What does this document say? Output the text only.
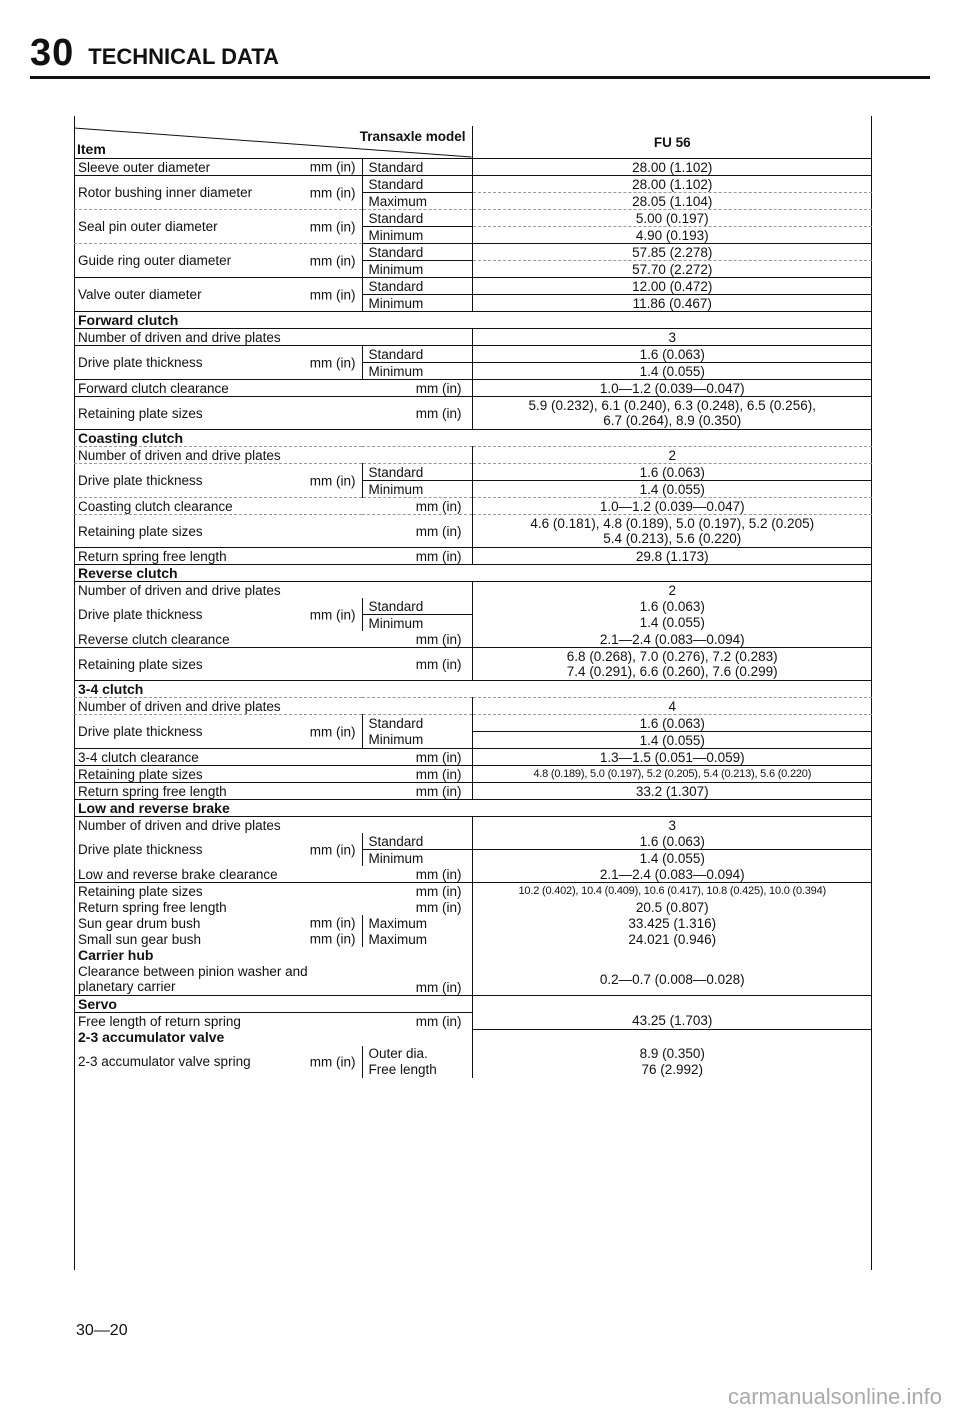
30 TECHNICAL DATA
Item
Transaxle model		FU 56
Sleeve outer diameter mm (in)	Standard	28.00 (1.102)
Rotor bushing inner diameter mm (in)	Standard	28.00 (1.102)
	Maximum	28.05 (1.104)
Seal pin outer diameter mm (in)	Standard	5.00 (0.197)
	Minimum	4.90 (0.193)
Guide ring outer diameter mm (in)	Standard	57.85 (2.278)
	Minimum	57.70 (2.272)
Valve outer diameter mm (in)	Standard	12.00 (0.472)
	Minimum	11.86 (0.467)
Forward clutch		
Number of driven and drive plates		3
Drive plate thickness mm (in)	Standard	1.6 (0.063)
	Minimum	1.4 (0.055)
Forward clutch clearance	mm (in)	1.0—1.2 (0.039—0.047)
Retaining plate sizes	mm (in)	5.9 (0.232), 6.1 (0.240), 6.3 (0.248), 6.5 (0.256),
6.7 (0.264), 8.9 (0.350)

Coasting clutch		
Number of driven and drive plates		2
Drive plate thickness mm (in)	Standard	1.6 (0.063)
	Minimum	1.4 (0.055)
Coasting clutch clearance	mm (in)	1.0—1.2 (0.039—0.047)
Retaining plate sizes	mm (in)	4.6 (0.181), 4.8 (0.189), 5.0 (0.197), 5.2 (0.205)
5.4 (0.213), 5.6 (0.220)

Return spring free length	mm (in)	29.8 (1.173)
Reverse clutch		
Number of driven and drive plates		2
Drive plate thickness mm (in)	Standard	1.6 (0.063)
	Minimum	1.4 (0.055)
Reverse clutch clearance	mm (in)	2.1—2.4 (0.083—0.094)
Retaining plate sizes	mm (in)	6.8 (0.268), 7.0 (0.276), 7.2 (0.283)
7.4 (0.291), 6.6 (0.260), 7.6 (0.299)

3-4 clutch		
Number of driven and drive plates		4
Drive plate thickness mm (in)	Standard	1.6 (0.063)
	Minimum	1.4 (0.055)
3-4 clutch clearance	mm (in)	1.3—1.5 (0.051—0.059)
Retaining plate sizes	mm (in)	4.8 (0.189), 5.0 (0.197), 5.2 (0.205), 5.4 (0.213), 5.6 (0.220)
Return spring free length	mm (in)	33.2 (1.307)
Low and reverse brake		
Number of driven and drive plates		3
Drive plate thickness mm (in)	Standard	1.6 (0.063)
	Minimum	1.4 (0.055)
Low and reverse brake clearance	mm (in)	2.1—2.4 (0.083—0.094)
Retaining plate sizes	mm (in)	10.2 (0.402), 10.4 (0.409), 10.6 (0.417), 10.8 (0.425), 10.0 (0.394)
Return spring free length	mm (in)	20.5 (0.807)
Sun gear drum bush mm (in)	Maximum	33.425 (1.316)
Small sun gear bush mm (in)	Maximum	24.021 (0.946)
Carrier hub		

Clearance between pinion washer and
planetary carrier	mm (in)	0.2—0.7 (0.008—0.028)
Servo		
Free length of return spring	mm (in)	43.25 (1.703)
2-3 accumulator valve		
2-3 accumulator valve spring mm (in)	Outer dia.	8.9 (0.350)
	Free length	76 (2.992)
30—20
carmanualsonline.info
